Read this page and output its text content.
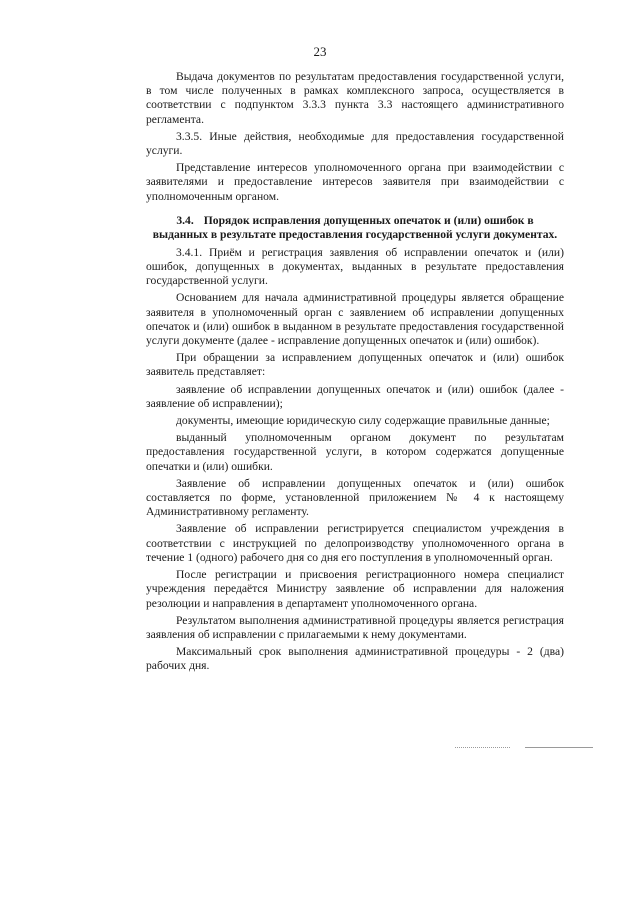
23

Выдача документов по результатам предоставления государственной услуги, в том числе полученных в рамках комплексного запроса, осуществляется в соответствии с подпунктом 3.3.3 пункта 3.3 настоящего административного регламента.

3.3.5. Иные действия, необходимые для предоставления государственной услуги.

Представление интересов уполномоченного органа при взаимодействии с заявителями и предоставление интересов заявителя при взаимодействии с уполномоченным органом.

3.4. Порядок исправления допущенных опечаток и (или) ошибок в выданных в результате предоставления государственной услуги документах.

3.4.1. Приём и регистрация заявления об исправлении опечаток и (или) ошибок, допущенных в документах, выданных в результате предоставления государственной услуги.

Основанием для начала административной процедуры является обращение заявителя в уполномоченный орган с заявлением об исправлении допущенных опечаток и (или) ошибок в выданном в результате предоставления государственной услуги документе (далее - исправление допущенных опечаток и (или) ошибок).

При обращении за исправлением допущенных опечаток и (или) ошибок заявитель представляет:

заявление об исправлении допущенных опечаток и (или) ошибок (далее - заявление об исправлении);

документы, имеющие юридическую силу содержащие правильные данные;

выданный уполномоченным органом документ по результатам предоставления государственной услуги, в котором содержатся допущенные опечатки и (или) ошибки.

Заявление об исправлении допущенных опечаток и (или) ошибок составляется по форме, установленной приложением № 4 к настоящему Административному регламенту.

Заявление об исправлении регистрируется специалистом учреждения в соответствии с инструкцией по делопроизводству уполномоченного органа в течение 1 (одного) рабочего дня со дня его поступления в уполномоченный орган.

После регистрации и присвоения регистрационного номера специалист учреждения передаётся Министру заявление об исправлении для наложения резолюции и направления в департамент уполномоченного органа.

Результатом выполнения административной процедуры является регистрация заявления об исправлении с прилагаемыми к нему документами.

Максимальный срок выполнения административной процедуры - 2 (два) рабочих дня.
